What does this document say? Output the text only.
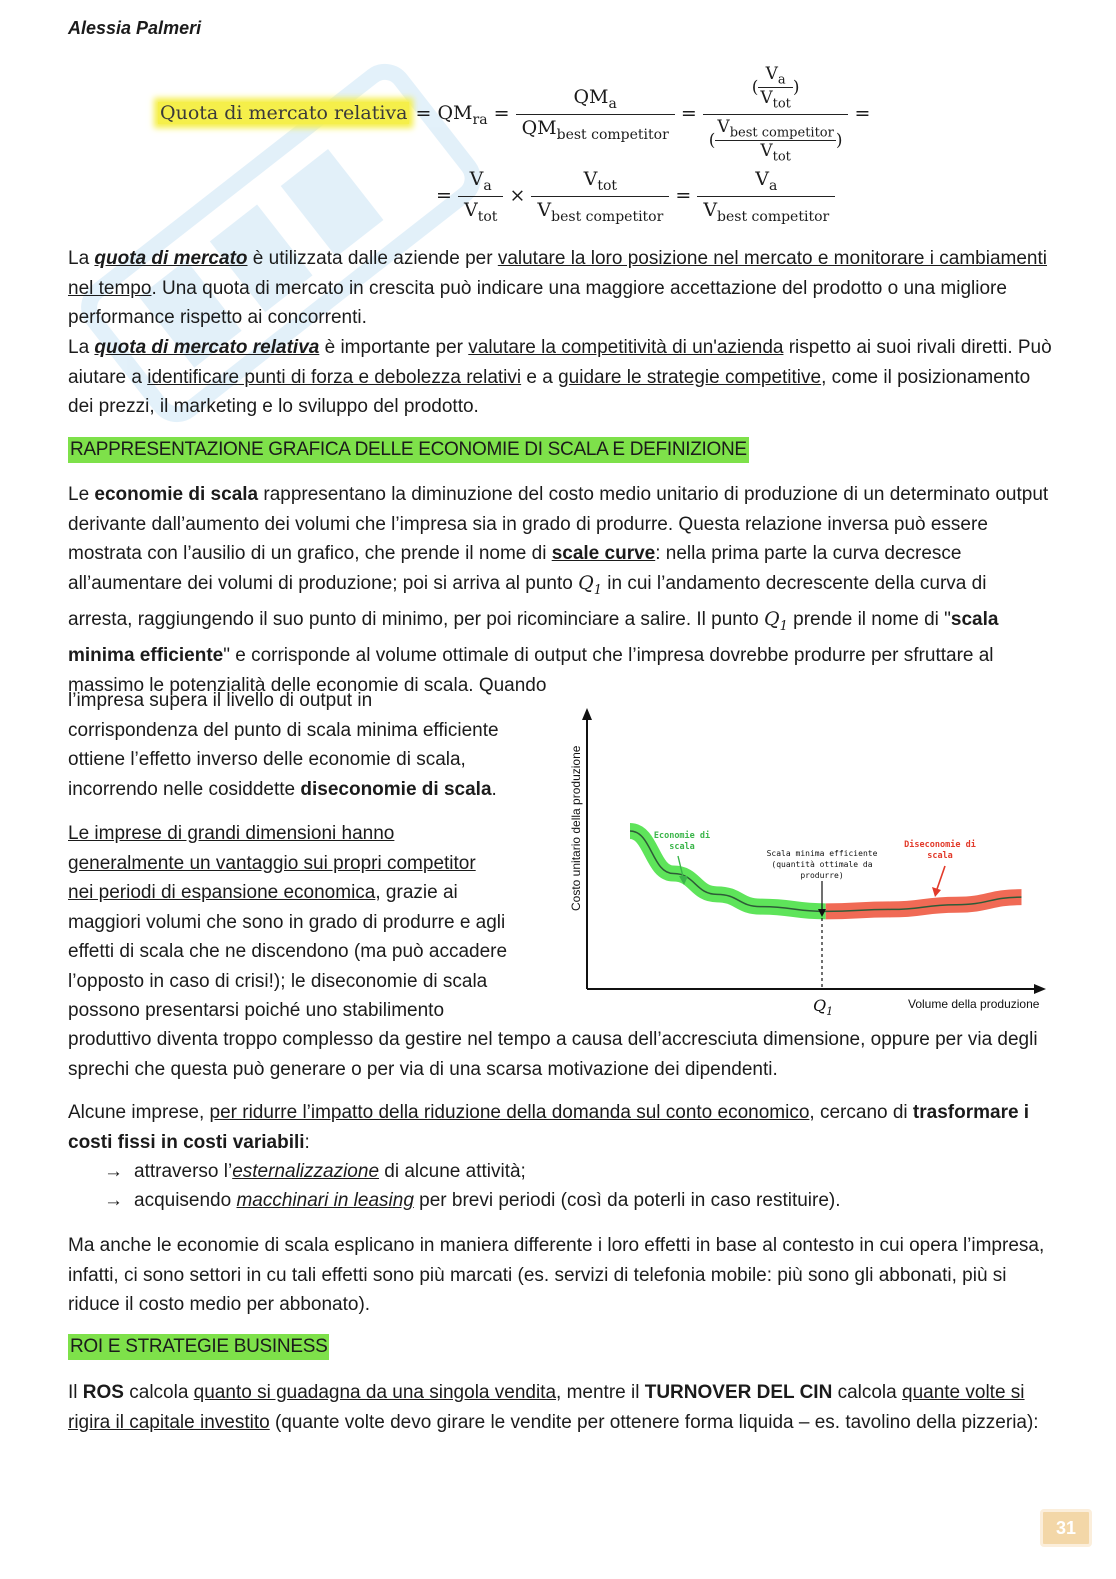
Alessia Palmeri
Quota di mercato relativa = $QM_{ra} = \frac{QM_a}{QM_{best competitor}} = \frac{( \frac{V_a}{V_{tot}} )}{( \frac{V_{best competitor}}{V_{tot}} )}$ =
= $\frac{V_a}{V_{tot}} \times \frac{V_{tot}}{V_{best competitor}} = \frac{V_a}{V_{best competitor}}$
La quota di mercato è utilizzata dalle aziende per valutare la loro posizione nel mercato e monitorare i cambiamenti nel tempo. Una quota di mercato in crescita può indicare una maggiore accettazione del prodotto o una migliore performance rispetto ai concorrenti.
La quota di mercato relativa è importante per valutare la competitività di un'azienda rispetto ai suoi rivali diretti. Può aiutare a identificare punti di forza e debolezza relativi e a guidare le strategie competitive, come il posizionamento dei prezzi, il marketing e lo sviluppo del prodotto.
RAPPRESENTAZIONE GRAFICA DELLE ECONOMIE DI SCALA E DEFINIZIONE
Le economie di scala rappresentano la diminuzione del costo medio unitario di produzione di un determinato output derivante dall’aumento dei volumi che l’impresa sia in grado di produrre. Questa relazione inversa può essere mostrata con l’ausilio di un grafico, che prende il nome di scale curve: nella prima parte la curva decresce all’aumentare dei volumi di produzione; poi si arriva al punto $Q_1$ in cui l’andamento decrescente della curva di arresta, raggiungendo il suo punto di minimo, per poi ricominciare a salire. Il punto $Q_1$ prende il nome di "scala minima efficiente" e corrisponde al volume ottimale di output che l’impresa dovrebbe produrre per sfruttare al massimo le potenzialità delle economie di scala. Quando
l’impresa supera il livello di output in
corrispondenza del punto di scala minima efficiente
ottiene l’effetto inverso delle economie di scala,
incorrendo nelle cosiddette diseconomie di scala.
Le imprese di grandi dimensioni hanno
generalmente un vantaggio sui propri competitor
nei periodi di espansione economica, grazie ai
maggiori volumi che sono in grado di produrre e agli
effetti di scala che ne discendono (ma può accadere
l’opposto in caso di crisi!); le diseconomie di scala
possono presentarsi poiché uno stabilimento
produttivo diventa troppo complesso da gestire nel tempo a causa dell’accresciuta dimensione, oppure per via degli sprechi che questa può generare o per via di una scarsa motivazione dei dipendenti.
Costo unitario della produzione
Volume della produzione
$Q_1$
Economie di scala
Scala minima efficiente (quantità ottimale da produrre)
Diseconomie di scala
Alcune imprese, per ridurre l’impatto della riduzione della domanda sul conto economico, cercano di trasformare i costi fissi in costi variabili:
→ attraverso l’esternalizzazione di alcune attività;
→ acquisendo macchinari in leasing per brevi periodi (così da poterli in caso restituire).
Ma anche le economie di scala esplicano in maniera differente i loro effetti in base al contesto in cui opera l’impresa, infatti, ci sono settori in cu tali effetti sono più marcati (es. servizi di telefonia mobile: più sono gli abbonati, più si riduce il costo medio per abbonato).
ROI E STRATEGIE BUSINESS
Il ROS calcola quanto si guadagna da una singola vendita, mentre il TURNOVER DEL CIN calcola quante volte si rigira il capitale investito (quante volte devo girare le vendite per ottenere forma liquida – es. tavolino della pizzeria):
31
